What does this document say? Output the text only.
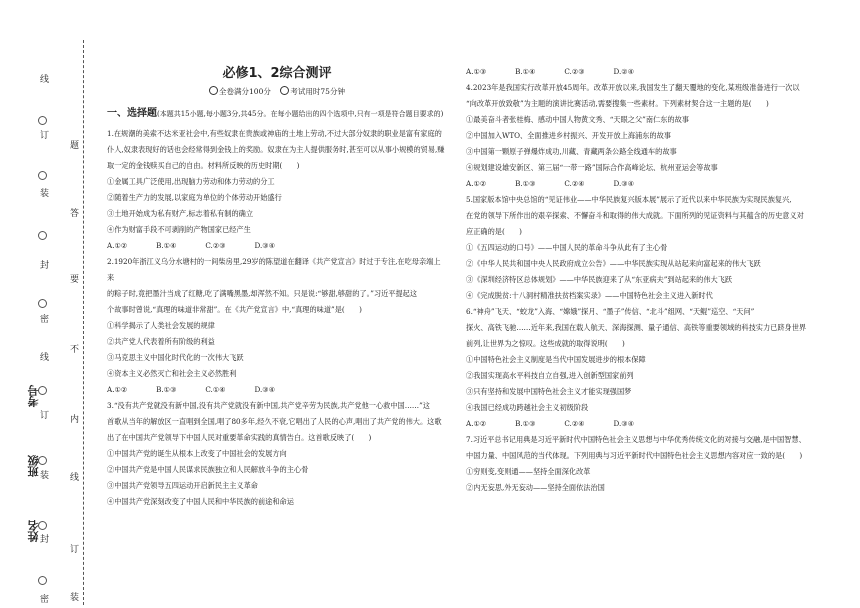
线
订
装
封
密
线
订
装
封
密
题
答
要
不
内
线
订
装
考号
班级
姓名
必修1、2综合测评
全卷满分100分	考试用时75分钟
一、选择题(本题共15小题,每小题3分,共45分。在每小题给出的四个选项中,只有一项是符合题目要求的)

1.在规潮的美索不达米亚社会中,有些奴隶在贵族或神庙的土地上劳动,不过大部分奴隶的职业是富有家庭的

仆人,奴隶表现好的话也会经常得到金钱上的奖励。奴隶在为主人提供服务时,甚至可以从事小规模的贸易,赚

取一定的金钱赎买自己的自由。材料所反映的历史时期(　　)

①金属工具广泛使用,出现脑力劳动和体力劳动的分工

②随着生产力的发展,以家庭为单位的个体劳动开始盛行

③土地开始成为私有财产,标志着私有制的确立

④作为财富手段不可剥削的产物国家已经产生

A.①②　　　　B.①④　　　　C.②③　　　　D.③④

2.1920年浙江义乌分水塘村的一间柴房里,29岁的陈望道在翻译《共产党宣言》时过于专注,在吃母亲端上来

的粽子时,竟把墨汁当成了红糖,吃了满嘴黑墨,却浑然不知。只是说:“够甜,够甜的了。”习近平提起这

个故事时曾说,“真理的味道非常甜”。在《共产党宣言》中,“真理的味道”是(　　)

①科学揭示了人类社会发展的规律

②共产党人代表着所有阶级的利益

③马克思主义中国化时代化的一次伟大飞跃

④资本主义必然灭亡和社会主义必然胜利

A.①②　　　　B.①③　　　　C.①④　　　　D.③④

3.“没有共产党就没有新中国,没有共产党就没有新中国,共产党辛劳为民族,共产党他一心救中国……”这

首歌从当年的解放区一直唱到全国,唱了80多年,经久不衰,它唱出了人民的心声,唱出了共产党的伟大。这歌

出了在中国共产党领导下中国人民对重要革命实践的真情告白。这首歌反映了(　　)

①中国共产党的诞生从根本上改变了中国社会的发展方向

②中国共产党是中国人民谋求民族独立和人民解放斗争的主心骨

③中国共产党领导五四运动开启新民主主义革命

④中国共产党深刻改变了中国人民和中华民族的前途和命运

A.①③　　　　B.①④　　　　C.②③　　　　D.②④

4.2023年是我国实行改革开放45周年。改革开放以来,我国发生了翻天覆地的变化,某班级准备进行一次以

“向改革开放致敬”为主题的演讲比赛活动,需要搜集一些素材。下列素材契合这一主题的是(　　)

①最美奋斗者张桂梅、感动中国人物黄文秀、“天眼之父”南仁东的故事

②中国加入WTO、全面推进乡村振兴、开发开放上海浦东的故事

③中国第一颗原子弹爆炸成功,川藏、青藏两条公路全线通车的故事

④规划建设雄安新区、第三届“一带一路”国际合作高峰论坛、杭州亚运会等故事

A.①②　　　　B.①③　　　　C.②④　　　　D.③④

5.国家版本馆中央总馆的“见证伟业——中华民族复兴版本展”展示了近代以来中华民族为实现民族复兴,

在党的领导下所作出的艰辛探索、不懈奋斗和取得的伟大成就。下面所列的见证资料与其蕴含的历史意义对

应正确的是(　　)

①《五四运动的口号》——中国人民的革命斗争从此有了主心骨

②《中华人民共和国中央人民政府成立公告》——中华民族实现从站起来向富起来的伟大飞跃

③《深圳经济特区总体规划》——中华民族迎来了从“东亚病夫”到站起来的伟大飞跃

④《完成脱贫:十八洞村精准扶贫档案实录》——中国特色社会主义进入新时代

6.“神舟”飞天、“蛟龙”入海、“嫦娥”探月、“墨子”传信、“北斗”组网、“天鲲”巡空、“天问”

探火、高铁飞驰……近年来,我国在载人航天、深海探测、量子通信、高铁等重要领域的科技实力已跻身世界

前列,让世界为之惊叹。这些成就的取得说明(　　)

①中国特色社会主义制度是当代中国发展进步的根本保障

②我国实现高水平科技自立自强,进入创新型国家前列

③只有坚持和发展中国特色社会主义才能实现强国梦

④我国已经成功跨越社会主义初级阶段

A.①②　　　　B.①③　　　　C.②④　　　　D.③④

7.习近平总书记用典是习近平新时代中国特色社会主义思想与中华优秀传统文化的对接与交融,是中国智慧、

中国力量、中国风范的当代体现。下列用典与习近平新时代中国特色社会主义思想内容对应一致的是(　　)

①穷则变,变则通——坚持全面深化改革

②内无妄思,外无妄动——坚持全面依法治国
